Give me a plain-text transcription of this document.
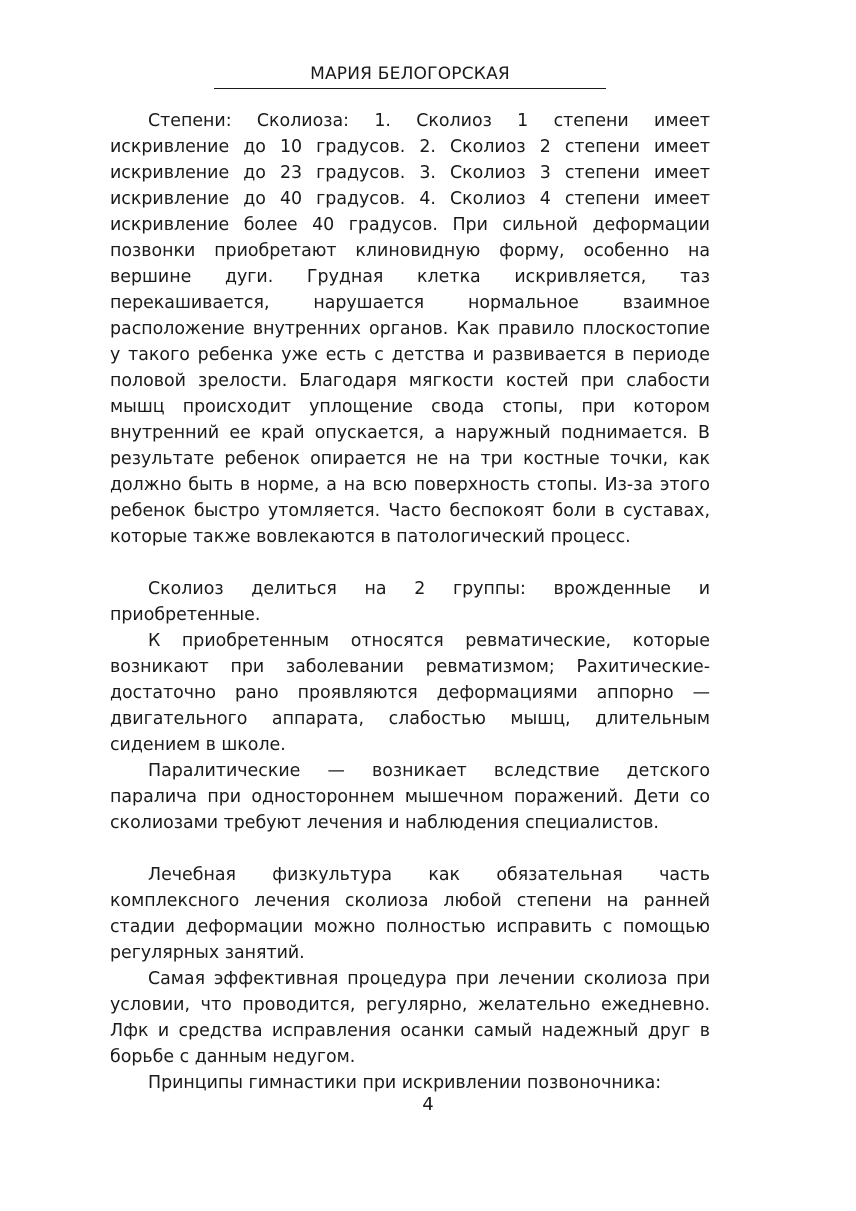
МАРИЯ БЕЛОГОРСКАЯ

Степени: Сколиоза: 1. Сколиоз 1 степени имеет искривление до 10 градусов. 2. Сколиоз 2 степени имеет искривление до 23 градусов. 3. Сколиоз 3 степени имеет искривление до 40 градусов. 4. Сколиоз 4 степени имеет искривление более 40 градусов. При сильной деформации позвонки приобретают клиновидную форму, особенно на вершине дуги. Грудная клетка искривляется, таз перекашивается, нарушается нормальное взаимное расположение внутренних органов. Как правило плоскостопие у такого ребенка уже есть с детства и развивается в периоде половой зрелости. Благодаря мягкости костей при слабости мышц происходит уплощение свода стопы, при котором внутренний ее край опускается, а наружный поднимается. В результате ребенок опирается не на три костные точки, как должно быть в норме, а на всю поверхность стопы. Из-за этого ребенок быстро утомляется. Часто беспокоят боли в суставах, которые также вовлекаются в патологический процесс.

Сколиоз делиться на 2 группы: врожденные и приобретенные.

К приобретенным относятся ревматические, которые возникают при заболевании ревматизмом; Рахитические- достаточно рано проявляются деформациями аппорно — двигательного аппарата, слабостью мышц, длительным сидением в школе.

Паралитические — возникает вследствие детского паралича при одностороннем мышечном поражений. Дети со сколиозами требуют лечения и наблюдения специалистов.

Лечебная физкультура как обязательная часть комплексного лечения сколиоза любой степени на ранней стадии деформации можно полностью исправить с помощью регулярных занятий.

Самая эффективная процедура при лечении сколиоза при условии, что проводится, регулярно, желательно ежедневно. Лфк и средства исправления осанки самый надежный друг в борьбе с данным недугом.

Принципы гимнастики при искривлении позвоночника:

4
